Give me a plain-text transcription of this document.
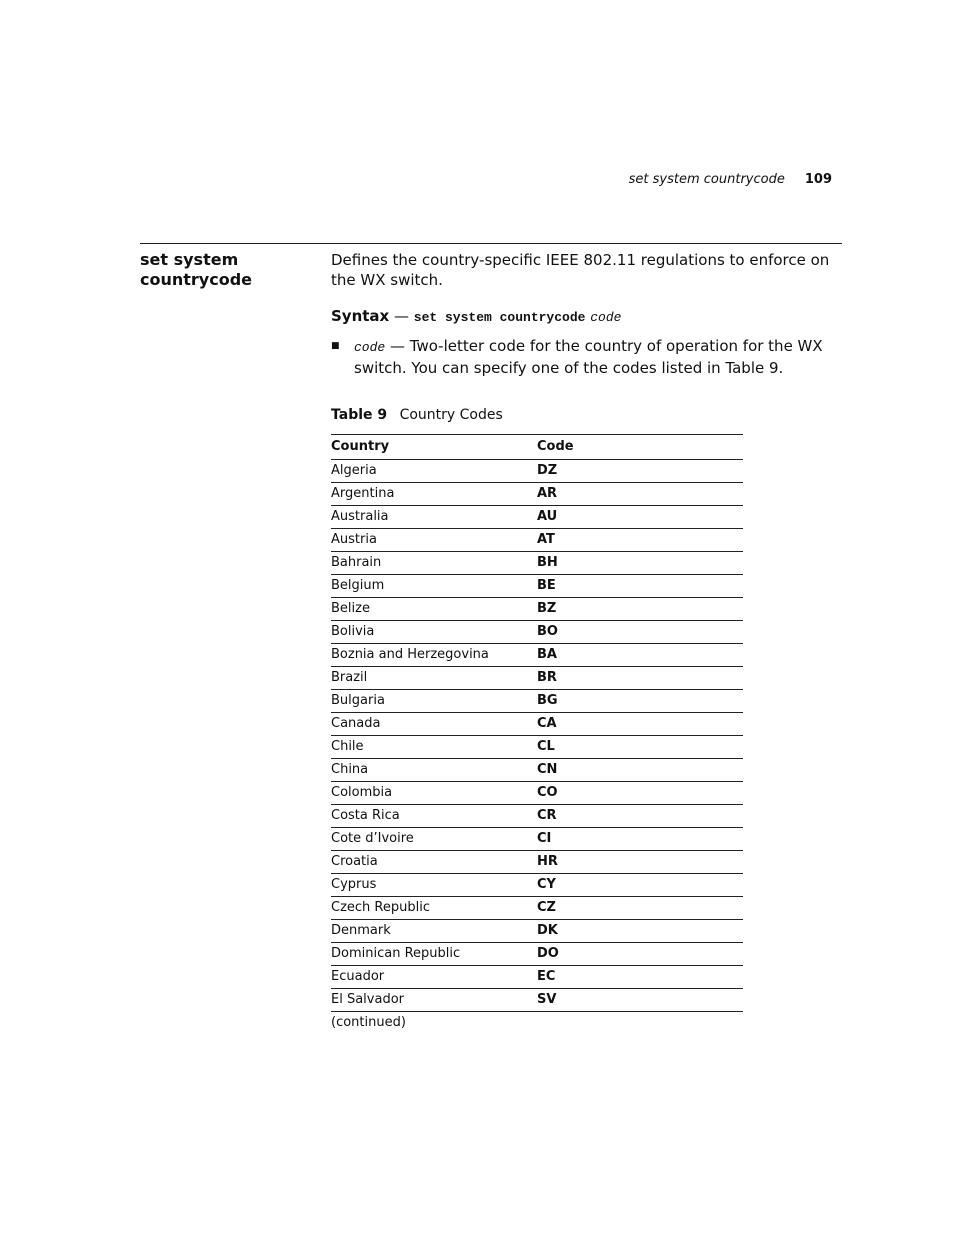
set system countrycode 109
set system
countrycode

Defines the country-specific IEEE 802.11 regulations to enforce on the WX switch.

Syntax — set system countrycode code
■	code — Two-letter code for the country of operation for the WX switch. You can specify one of the codes listed in Table 9.
Table 9 Country Codes
Country	Code
Algeria	DZ
Argentina	AR
Australia	AU
Austria	AT
Bahrain	BH
Belgium	BE
Belize	BZ
Bolivia	BO
Boznia and Herzegovina	BA
Brazil	BR
Bulgaria	BG
Canada	CA
Chile	CL
China	CN
Colombia	CO
Costa Rica	CR
Cote d’Ivoire	CI
Croatia	HR
Cyprus	CY
Czech Republic	CZ
Denmark	DK
Dominican Republic	DO
Ecuador	EC
El Salvador	SV
(continued)
